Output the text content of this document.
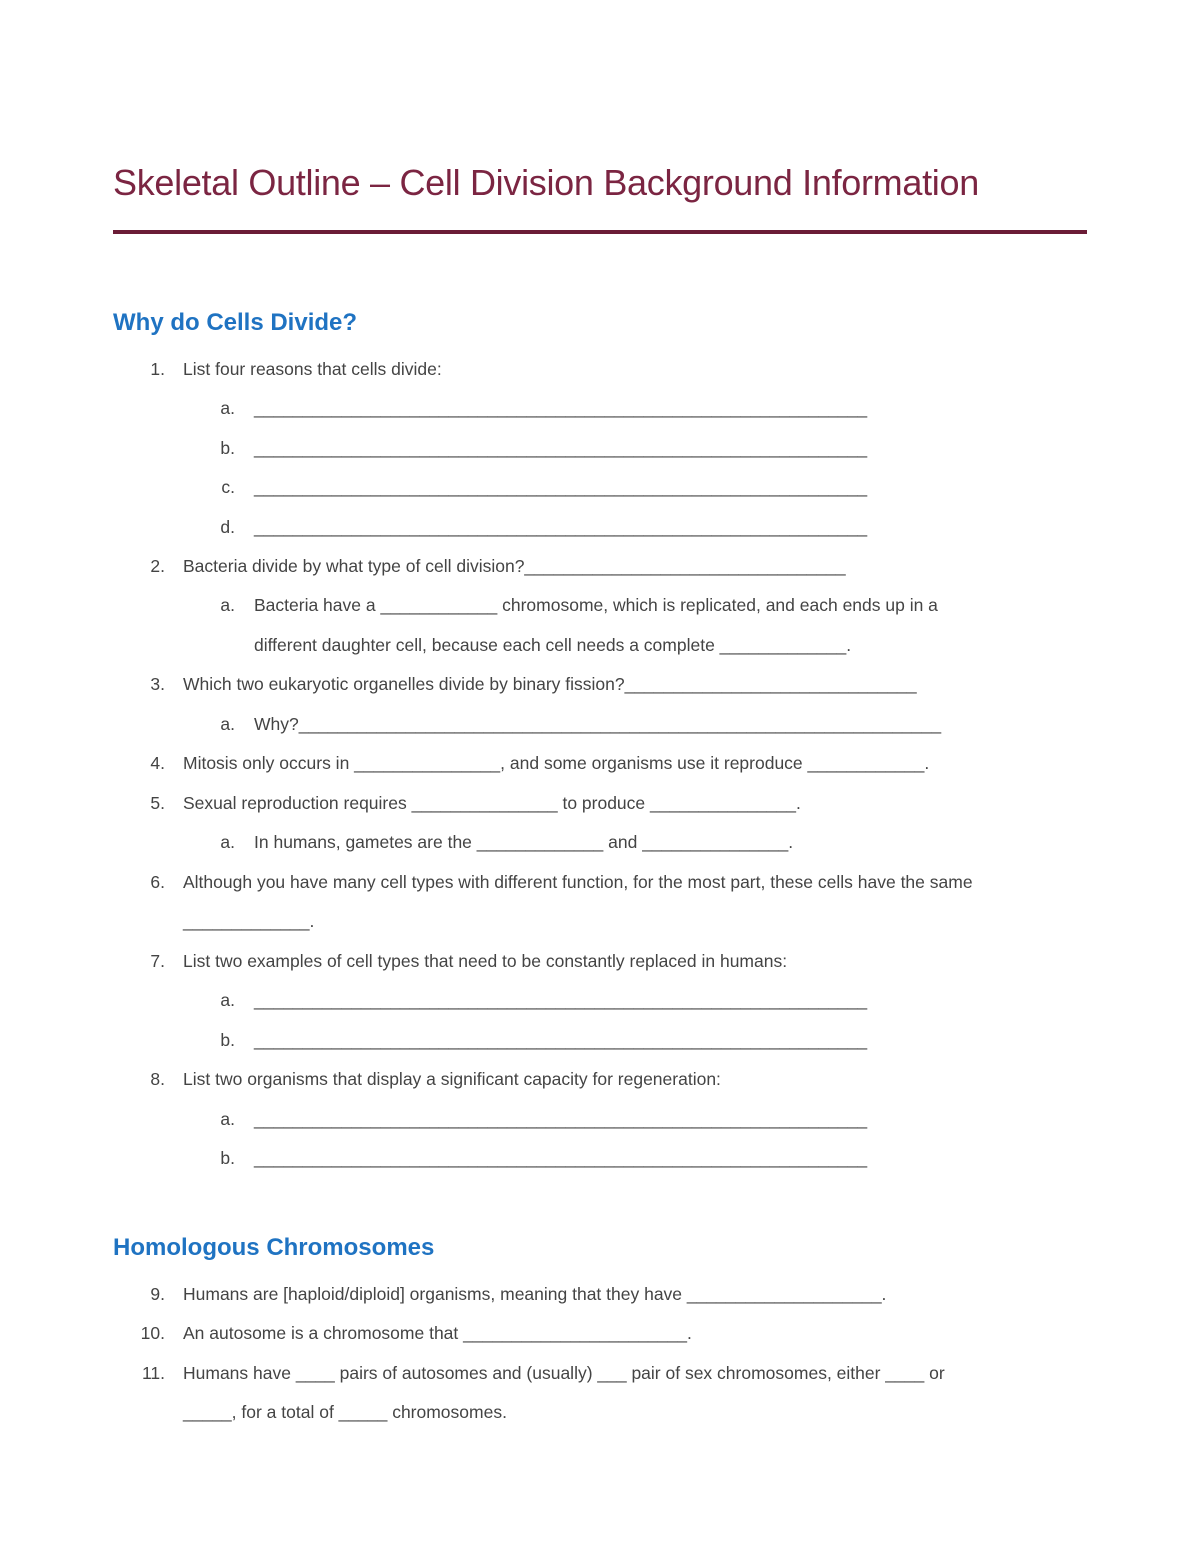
Skeletal Outline – Cell Division Background Information
Why do Cells Divide?
1. List four reasons that cells divide:
a. _______________________________________________________________
b. _______________________________________________________________
c. _______________________________________________________________
d. _______________________________________________________________
2. Bacteria divide by what type of cell division?_________________________________
a. Bacteria have a ____________ chromosome, which is replicated, and each ends up in a
different daughter cell, because each cell needs a complete _____________.
3. Which two eukaryotic organelles divide by binary fission?______________________________
a. Why?__________________________________________________________________
4. Mitosis only occurs in _______________, and some organisms use it reproduce ____________.
5. Sexual reproduction requires _______________ to produce _______________.
a. In humans, gametes are the _____________ and _______________.
6. Although you have many cell types with different function, for the most part, these cells have the same
_____________.
7. List two examples of cell types that need to be constantly replaced in humans:
a. _______________________________________________________________
b. _______________________________________________________________
8. List two organisms that display a significant capacity for regeneration:
a. _______________________________________________________________
b. _______________________________________________________________
Homologous Chromosomes
9. Humans are [haploid/diploid] organisms, meaning that they have ____________________.
10. An autosome is a chromosome that _______________________.
11. Humans have ____ pairs of autosomes and (usually) ___ pair of sex chromosomes, either ____ or
_____, for a total of _____ chromosomes.
